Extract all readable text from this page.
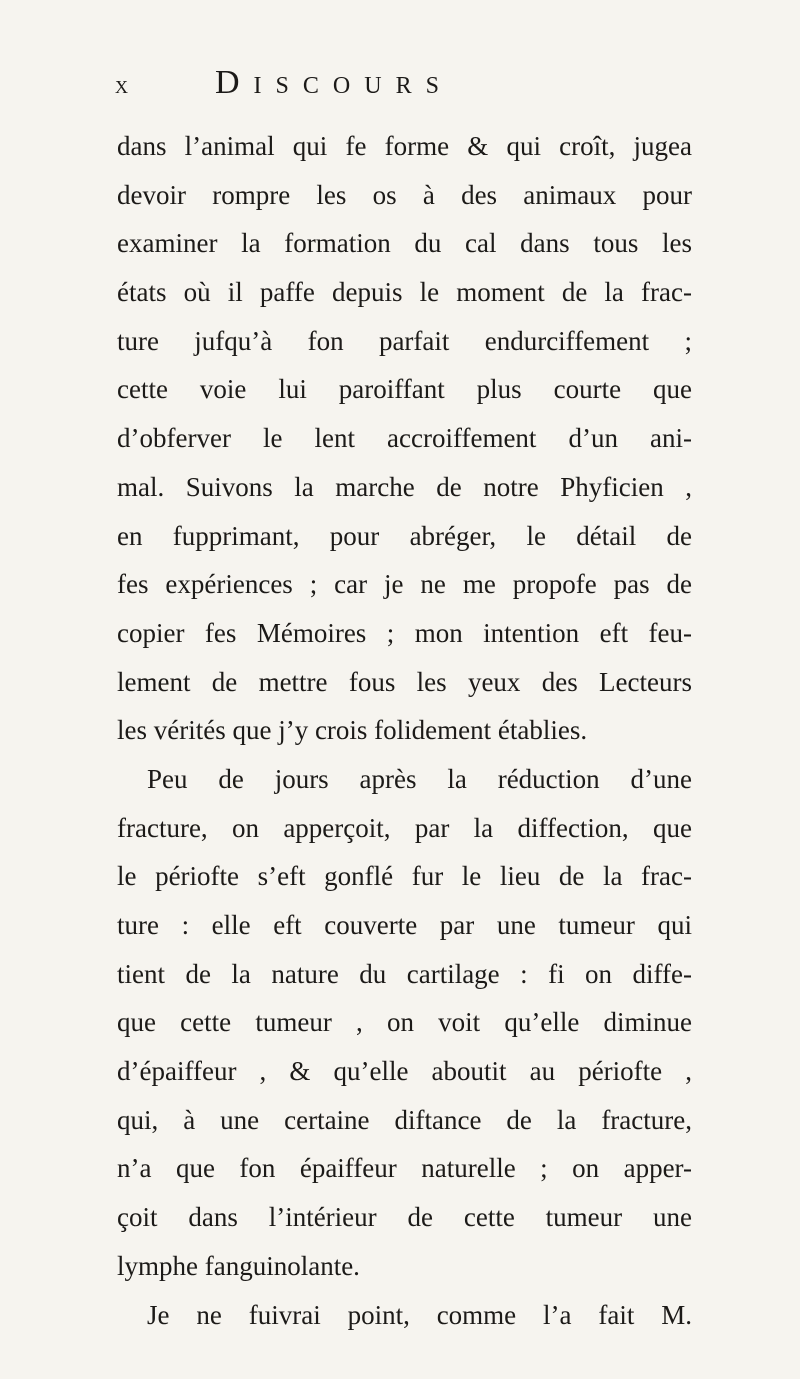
x	Discours
dans l’animal qui fe forme & qui croît, jugea
devoir rompre les os à des animaux pour
examiner la formation du cal dans tous les
états où il paffe depuis le moment de la frac-
ture jufqu’à fon parfait endurciffement ;
cette voie lui paroiffant plus courte que
d’obferver le lent accroiffement d’un ani-
mal. Suivons la marche de notre Phyficien ,
en fupprimant, pour abréger, le détail de
fes expériences ; car je ne me propofe pas de
copier fes Mémoires ; mon intention eft feu-
lement de mettre fous les yeux des Lecteurs
les vérités que j’y crois folidement établies.
Peu de jours après la réduction d’une
fracture, on apperçoit, par la diffection, que
le périofte s’eft gonflé fur le lieu de la frac-
ture : elle eft couverte par une tumeur qui
tient de la nature du cartilage : fi on diffe-
que cette tumeur , on voit qu’elle diminue
d’épaiffeur , & qu’elle aboutit au périofte ,
qui, à une certaine diftance de la fracture,
n’a que fon épaiffeur naturelle ; on apper-
çoit dans l’intérieur de cette tumeur une
lymphe fanguinolante.
Je ne fuivrai point, comme l’a fait M.
